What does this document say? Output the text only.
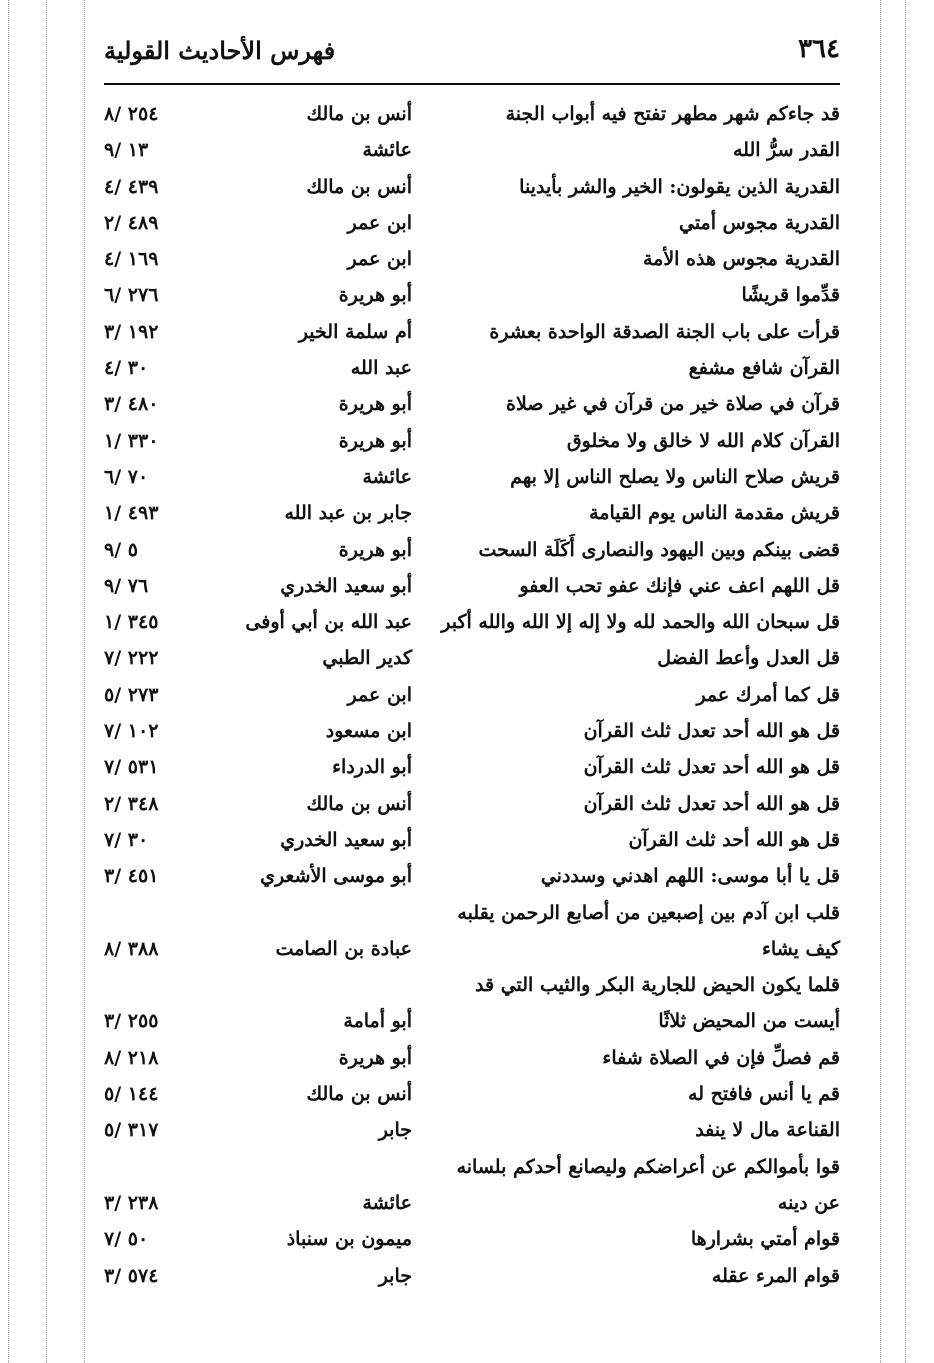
٣٦٤
فهرس الأحاديث القولية
قد جاءكم شهر مطهر تفتح فيه أبواب الجنة
أنس بن مالك
٢٥٤ /٨
القدر سرُّ الله
عائشة
١٣ /٩
القدرية الذين يقولون: الخير والشر بأيدينا
أنس بن مالك
٤٣٩ /٤
القدرية مجوس أمتي
ابن عمر
٤٨٩ /٢
القدرية مجوس هذه الأمة
ابن عمر
١٦٩ /٤
قدِّموا قريشًا
أبو هريرة
٢٧٦ /٦
قرأت على باب الجنة الصدقة الواحدة بعشرة
أم سلمة الخير
١٩٢ /٣
القرآن شافع مشفع
عبد الله
٣٠ /٤
قرآن في صلاة خير من قرآن في غير صلاة
أبو هريرة
٤٨٠ /٣
القرآن كلام الله لا خالق ولا مخلوق
أبو هريرة
٣٣٠ /١
قريش صلاح الناس ولا يصلح الناس إلا بهم
عائشة
٧٠ /٦
قريش مقدمة الناس يوم القيامة
جابر بن عبد الله
٤٩٣ /١
قضى بينكم وبين اليهود والنصارى أَكَلَة السحت
أبو هريرة
٥ /٩
قل اللهم اعف عني فإنك عفو تحب العفو
أبو سعيد الخدري
٧٦ /٩
قل سبحان الله والحمد لله ولا إله إلا الله والله أكبر
عبد الله بن أبي أوفى
٣٤٥ /١
قل العدل وأعط الفضل
كدير الطبي
٢٢٢ /٧
قل كما أمرك عمر
ابن عمر
٢٧٣ /٥
قل هو الله أحد تعدل ثلث القرآن
ابن مسعود
١٠٢ /٧
قل هو الله أحد تعدل ثلث القرآن
أبو الدرداء
٥٣١ /٧
قل هو الله أحد تعدل ثلث القرآن
أنس بن مالك
٣٤٨ /٢
قل هو الله أحد ثلث القرآن
أبو سعيد الخدري
٣٠ /٧
قل يا أبا موسى: اللهم اهدني وسددني
أبو موسى الأشعري
٤٥١ /٣
قلب ابن آدم بين إصبعين من أصابع الرحمن يقلبه
كيف يشاء
عبادة بن الصامت
٣٨٨ /٨
قلما يكون الحيض للجارية البكر والثيب التي قد
أيست من المحيض ثلاثًا
أبو أمامة
٢٥٥ /٣
قم فصلِّ فإن في الصلاة شفاء
أبو هريرة
٢١٨ /٨
قم يا أنس فافتح له
أنس بن مالك
١٤٤ /٥
القناعة مال لا ينفد
جابر
٣١٧ /٥
قوا بأموالكم عن أعراضكم وليصانع أحدكم بلسانه
عن دينه
عائشة
٢٣٨ /٣
قوام أمتي بشرارها
ميمون بن سنباذ
٥٠ /٧
قوام المرء عقله
جابر
٥٧٤ /٣
